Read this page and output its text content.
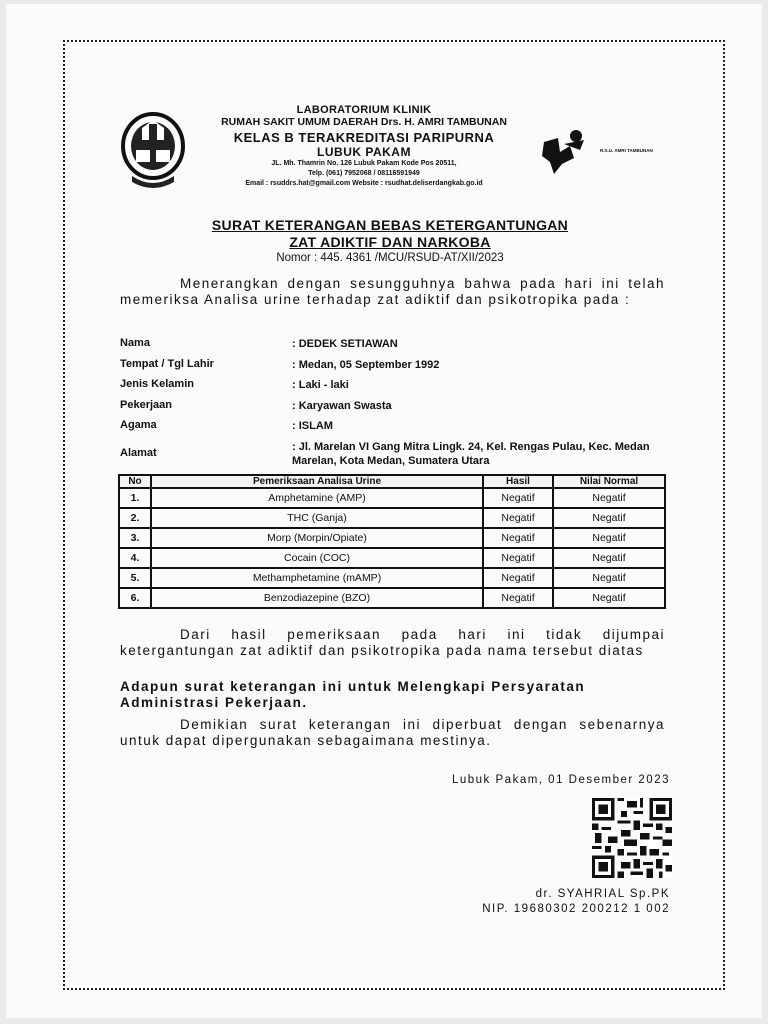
LABORATORIUM KLINIK
RUMAH SAKIT UMUM DAERAH Drs. H. AMRI TAMBUNAN
KELAS B TERAKREDITASI PARIPURNA
LUBUK PAKAM
JL. Mh. Thamrin No. 126 Lubuk Pakam Kode Pos 20511,
Telp. (061) 7952068 / 08116591949
Email : rsuddrs.hat@gmail.com Website : rsudhat.deliserdangkab.go.id
R.S.U. AMRI TAMBUNAN
SURAT KETERANGAN BEBAS KETERGANTUNGAN
ZAT ADIKTIF DAN NARKOBA
Nomor : 445. 4361 /MCU/RSUD-AT/XII/2023
Menerangkan dengan sesungguhnya bahwa pada hari ini telah memeriksa Analisa urine terhadap zat adiktif dan psikotropika pada :
Nama	: DEDEK SETIAWAN
Tempat / Tgl Lahir	: Medan, 05 September 1992
Jenis Kelamin	: Laki - laki
Pekerjaan	: Karyawan Swasta
Agama	: ISLAM
Alamat	: Jl. Marelan VI Gang Mitra Lingk. 24, Kel. Rengas Pulau, Kec. Medan Marelan, Kota Medan, Sumatera Utara
No	Pemeriksaan Analisa Urine	Hasil	Nilai Normal
1.	Amphetamine (AMP)	Negatif	Negatif
2.	THC (Ganja)	Negatif	Negatif
3.	Morp (Morpin/Opiate)	Negatif	Negatif
4.	Cocain (COC)	Negatif	Negatif
5.	Methamphetamine (mAMP)	Negatif	Negatif
6.	Benzodiazepine (BZO)	Negatif	Negatif
Dari hasil pemeriksaan pada hari ini tidak dijumpai ketergantungan zat adiktif dan psikotropika pada nama tersebut diatas
Adapun surat keterangan ini untuk Melengkapi Persyaratan Administrasi Pekerjaan.
Demikian surat keterangan ini diperbuat dengan sebenarnya untuk dapat dipergunakan sebagaimana mestinya.
Lubuk Pakam, 01 Desember 2023
dr. SYAHRIAL Sp.PK
NIP. 19680302 200212 1 002
